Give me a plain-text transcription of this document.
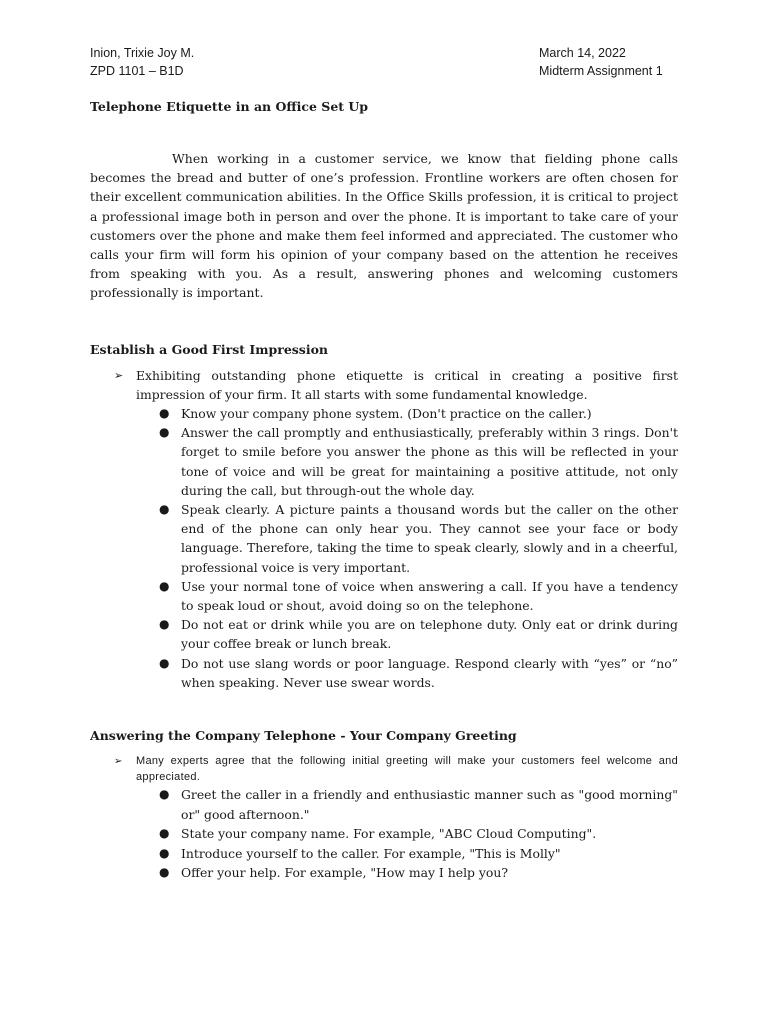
Inion, Trixie Joy M.
ZPD 1101 – B1D
March 14, 2022
Midterm Assignment 1
Telephone Etiquette in an Office Set Up

When working in a customer service, we know that fielding phone calls becomes the bread and butter of one’s profession. Frontline workers are often chosen for their excellent communication abilities. In the Office Skills profession, it is critical to project a professional image both in person and over the phone. It is important to take care of your customers over the phone and make them feel informed and appreciated. The customer who calls your firm will form his opinion of your company based on the attention he receives from speaking with you. As a result, answering phones and welcoming customers professionally is important.

Establish a Good First Impression
➢ Exhibiting outstanding phone etiquette is critical in creating a positive first impression of your firm. It all starts with some fundamental knowledge.
● Know your company phone system. (Don't practice on the caller.)
● Answer the call promptly and enthusiastically, preferably within 3 rings. Don't forget to smile before you answer the phone as this will be reflected in your tone of voice and will be great for maintaining a positive attitude, not only during the call, but through-out the whole day.
● Speak clearly. A picture paints a thousand words but the caller on the other end of the phone can only hear you. They cannot see your face or body language. Therefore, taking the time to speak clearly, slowly and in a cheerful, professional voice is very important.
● Use your normal tone of voice when answering a call. If you have a tendency to speak loud or shout, avoid doing so on the telephone.
● Do not eat or drink while you are on telephone duty. Only eat or drink during your coffee break or lunch break.
● Do not use slang words or poor language. Respond clearly with “yes” or “no” when speaking. Never use swear words.
Answering the Company Telephone - Your Company Greeting
➢ Many experts agree that the following initial greeting will make your customers feel welcome and appreciated.
● Greet the caller in a friendly and enthusiastic manner such as "good morning" or" good afternoon."
● State your company name. For example, "ABC Cloud Computing".
● Introduce yourself to the caller. For example, "This is Molly"
● Offer your help. For example, "How may I help you?
